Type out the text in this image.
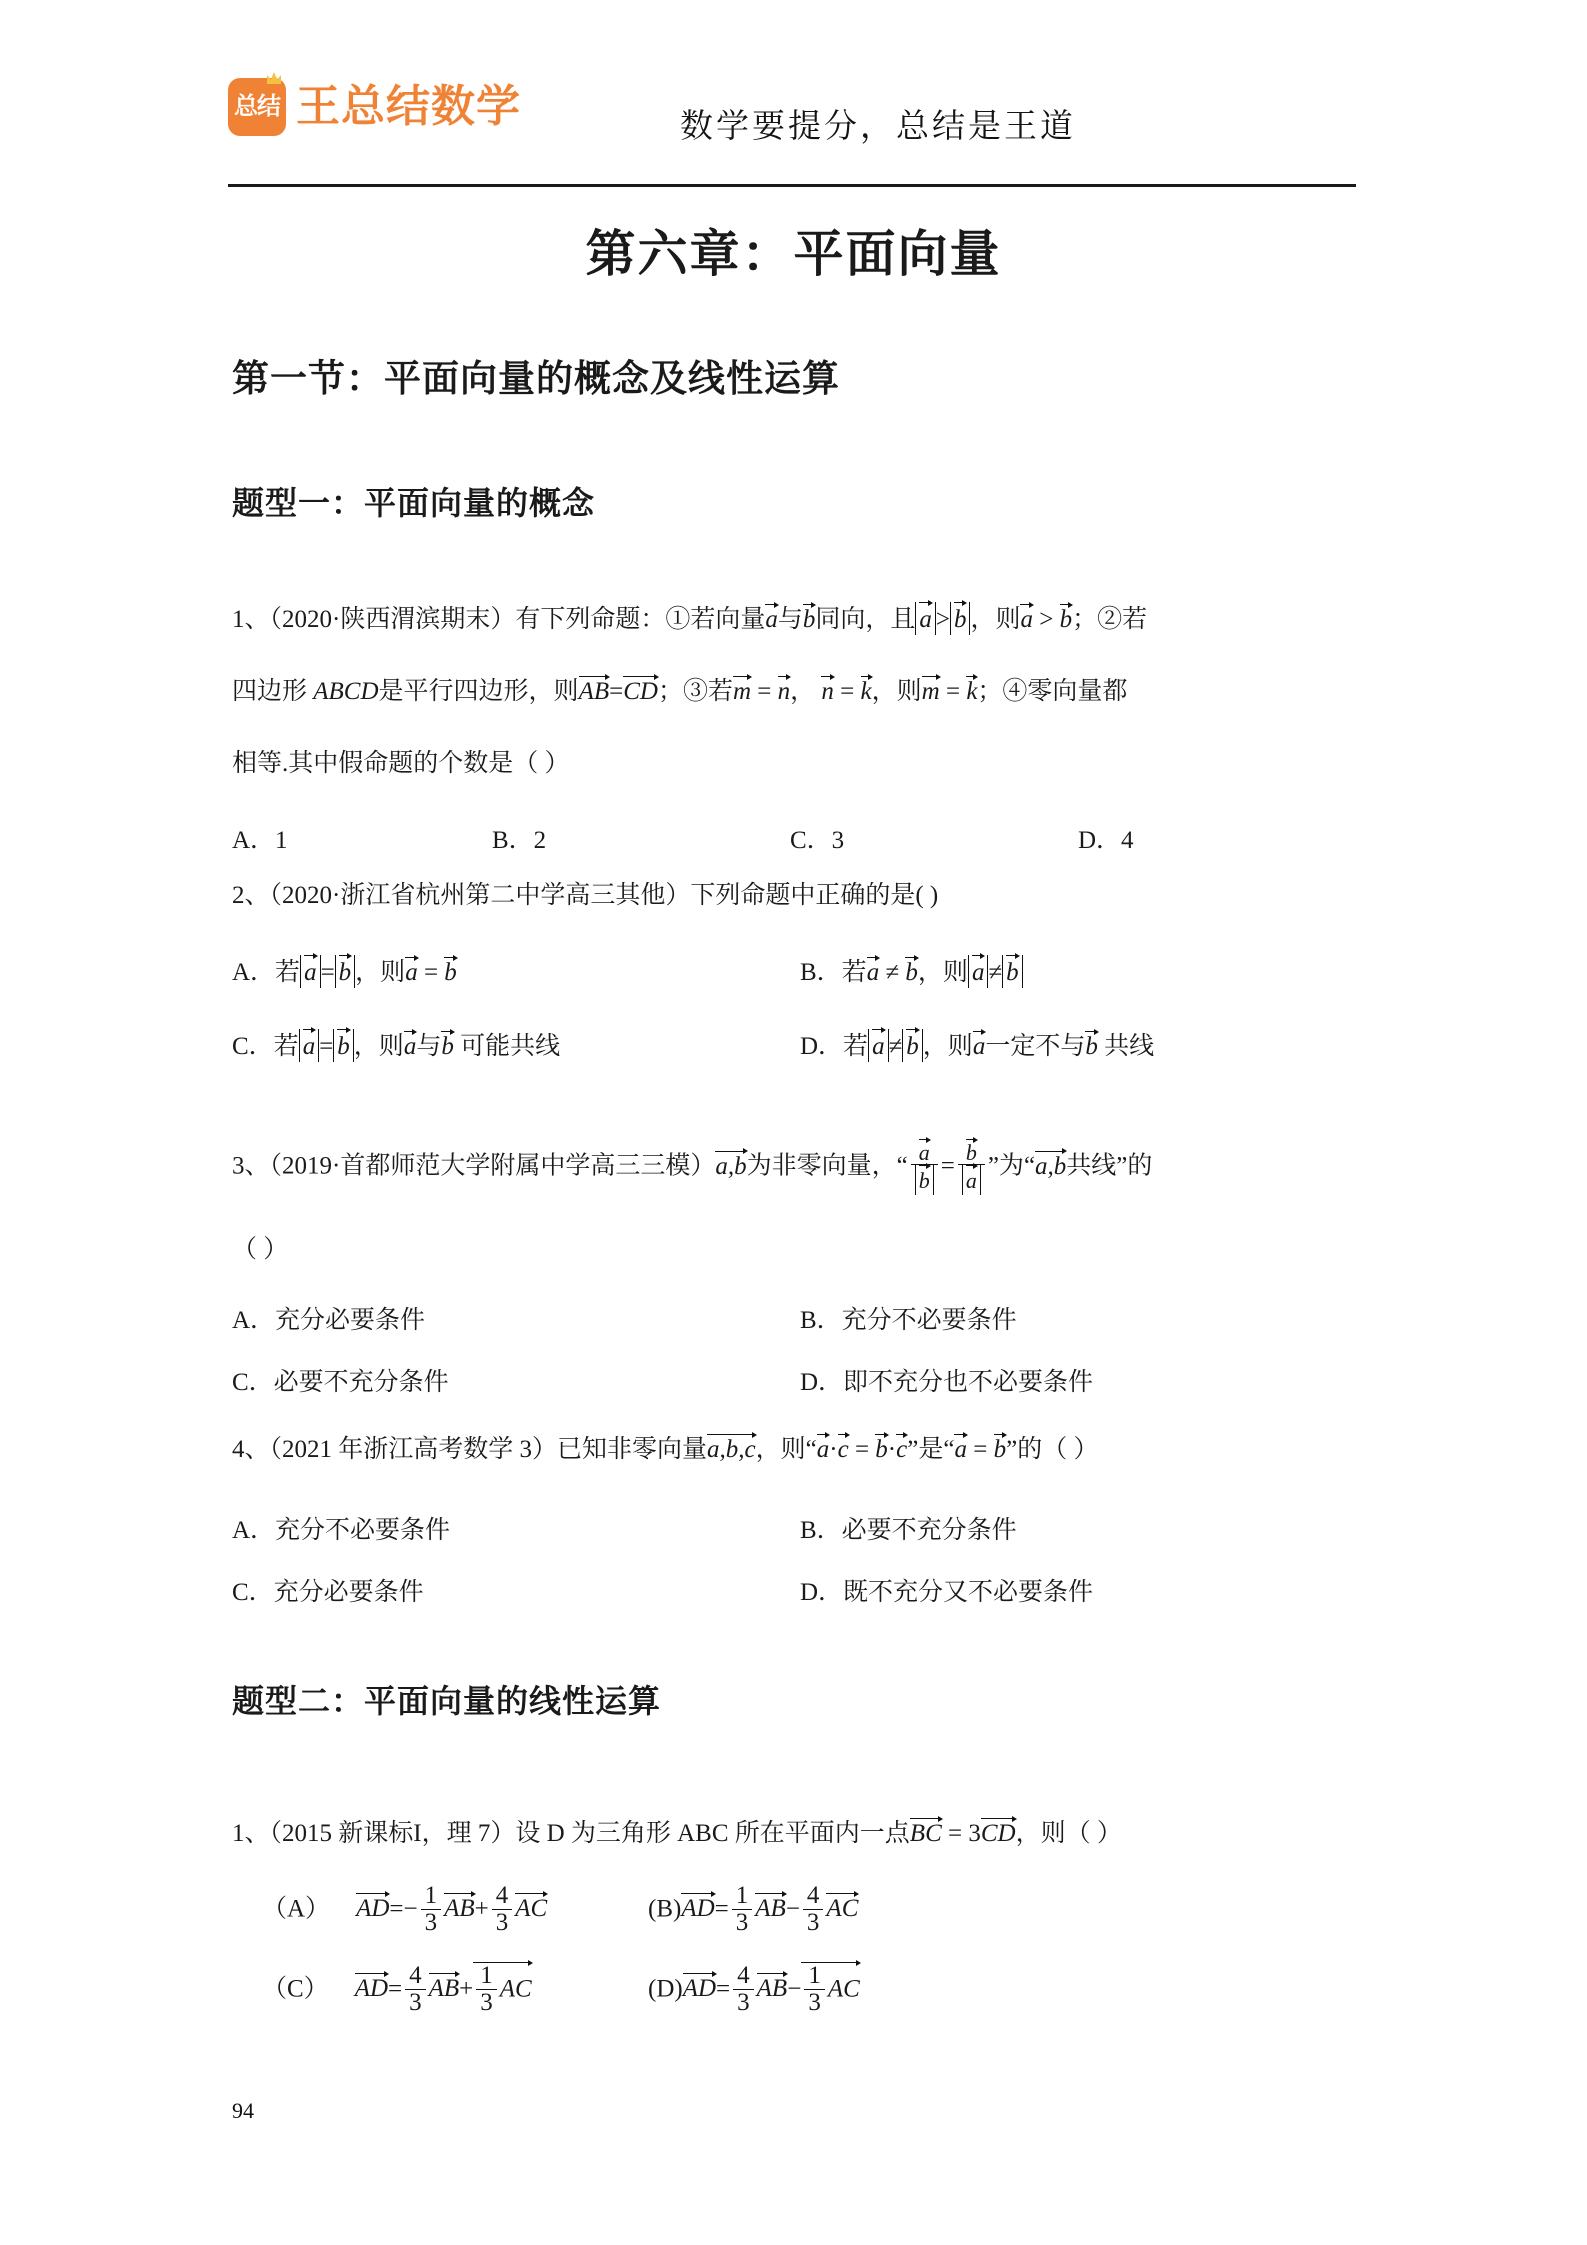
总结 王总结数学	数学要提分，总结是王道
第六章：平面向量
第一节：平面向量的概念及线性运算
题型一：平面向量的概念
1、（2020·陕西渭滨期末）有下列命题：①若向量a与b同向，且 a > b ，则a > b；②若
四边形 ABCD是平行四边形，则AB=CD；③若m = n， n = k，则m = k；④零向量都
相等.其中假命题的个数是（ ）
A．1	B．2	C．3	D．4
2、（2020·浙江省杭州第二中学高三其他）下列命题中正确的是( )
A．若 a = b ，则a = b	B．若a ≠ b，则 a ≠ b
C．若 a = b ，则a与b 可能共线	D．若 a ≠ b ，则a一定不与b 共线
3、（2019·首都师范大学附属中学高三三模）a,b为非零向量，“ $\frac{a}{b} = \frac{b}{a}$ ”为“a,b共线”的
（ ）
A．充分必要条件	B．充分不必要条件
C．必要不充分条件	D．即不充分也不必要条件
4、（2021 年浙江高考数学 3）已知非零向量a,b,c，则“a·c = b·c”是“a = b”的（ ）
A．充分不必要条件	B．必要不充分条件
C．充分必要条件	D．既不充分又不必要条件
题型二：平面向量的线性运算
1、（2015 新课标I，理 7）设 D 为三角形 ABC 所在平面内一点BC = 3CD，则（ ）
（A） $AD=- \frac{1}{3} AB+ \frac{4}{3}$ AC	$(B)AD= \frac{1}{3} AB- \frac{4}{3}$ AC
（C） $AD= \frac{4}{3} AB+ \frac{1}{3}$ AC	$(D)AD= \frac{4}{3} AB- \frac{1}{3}$ AC
94
